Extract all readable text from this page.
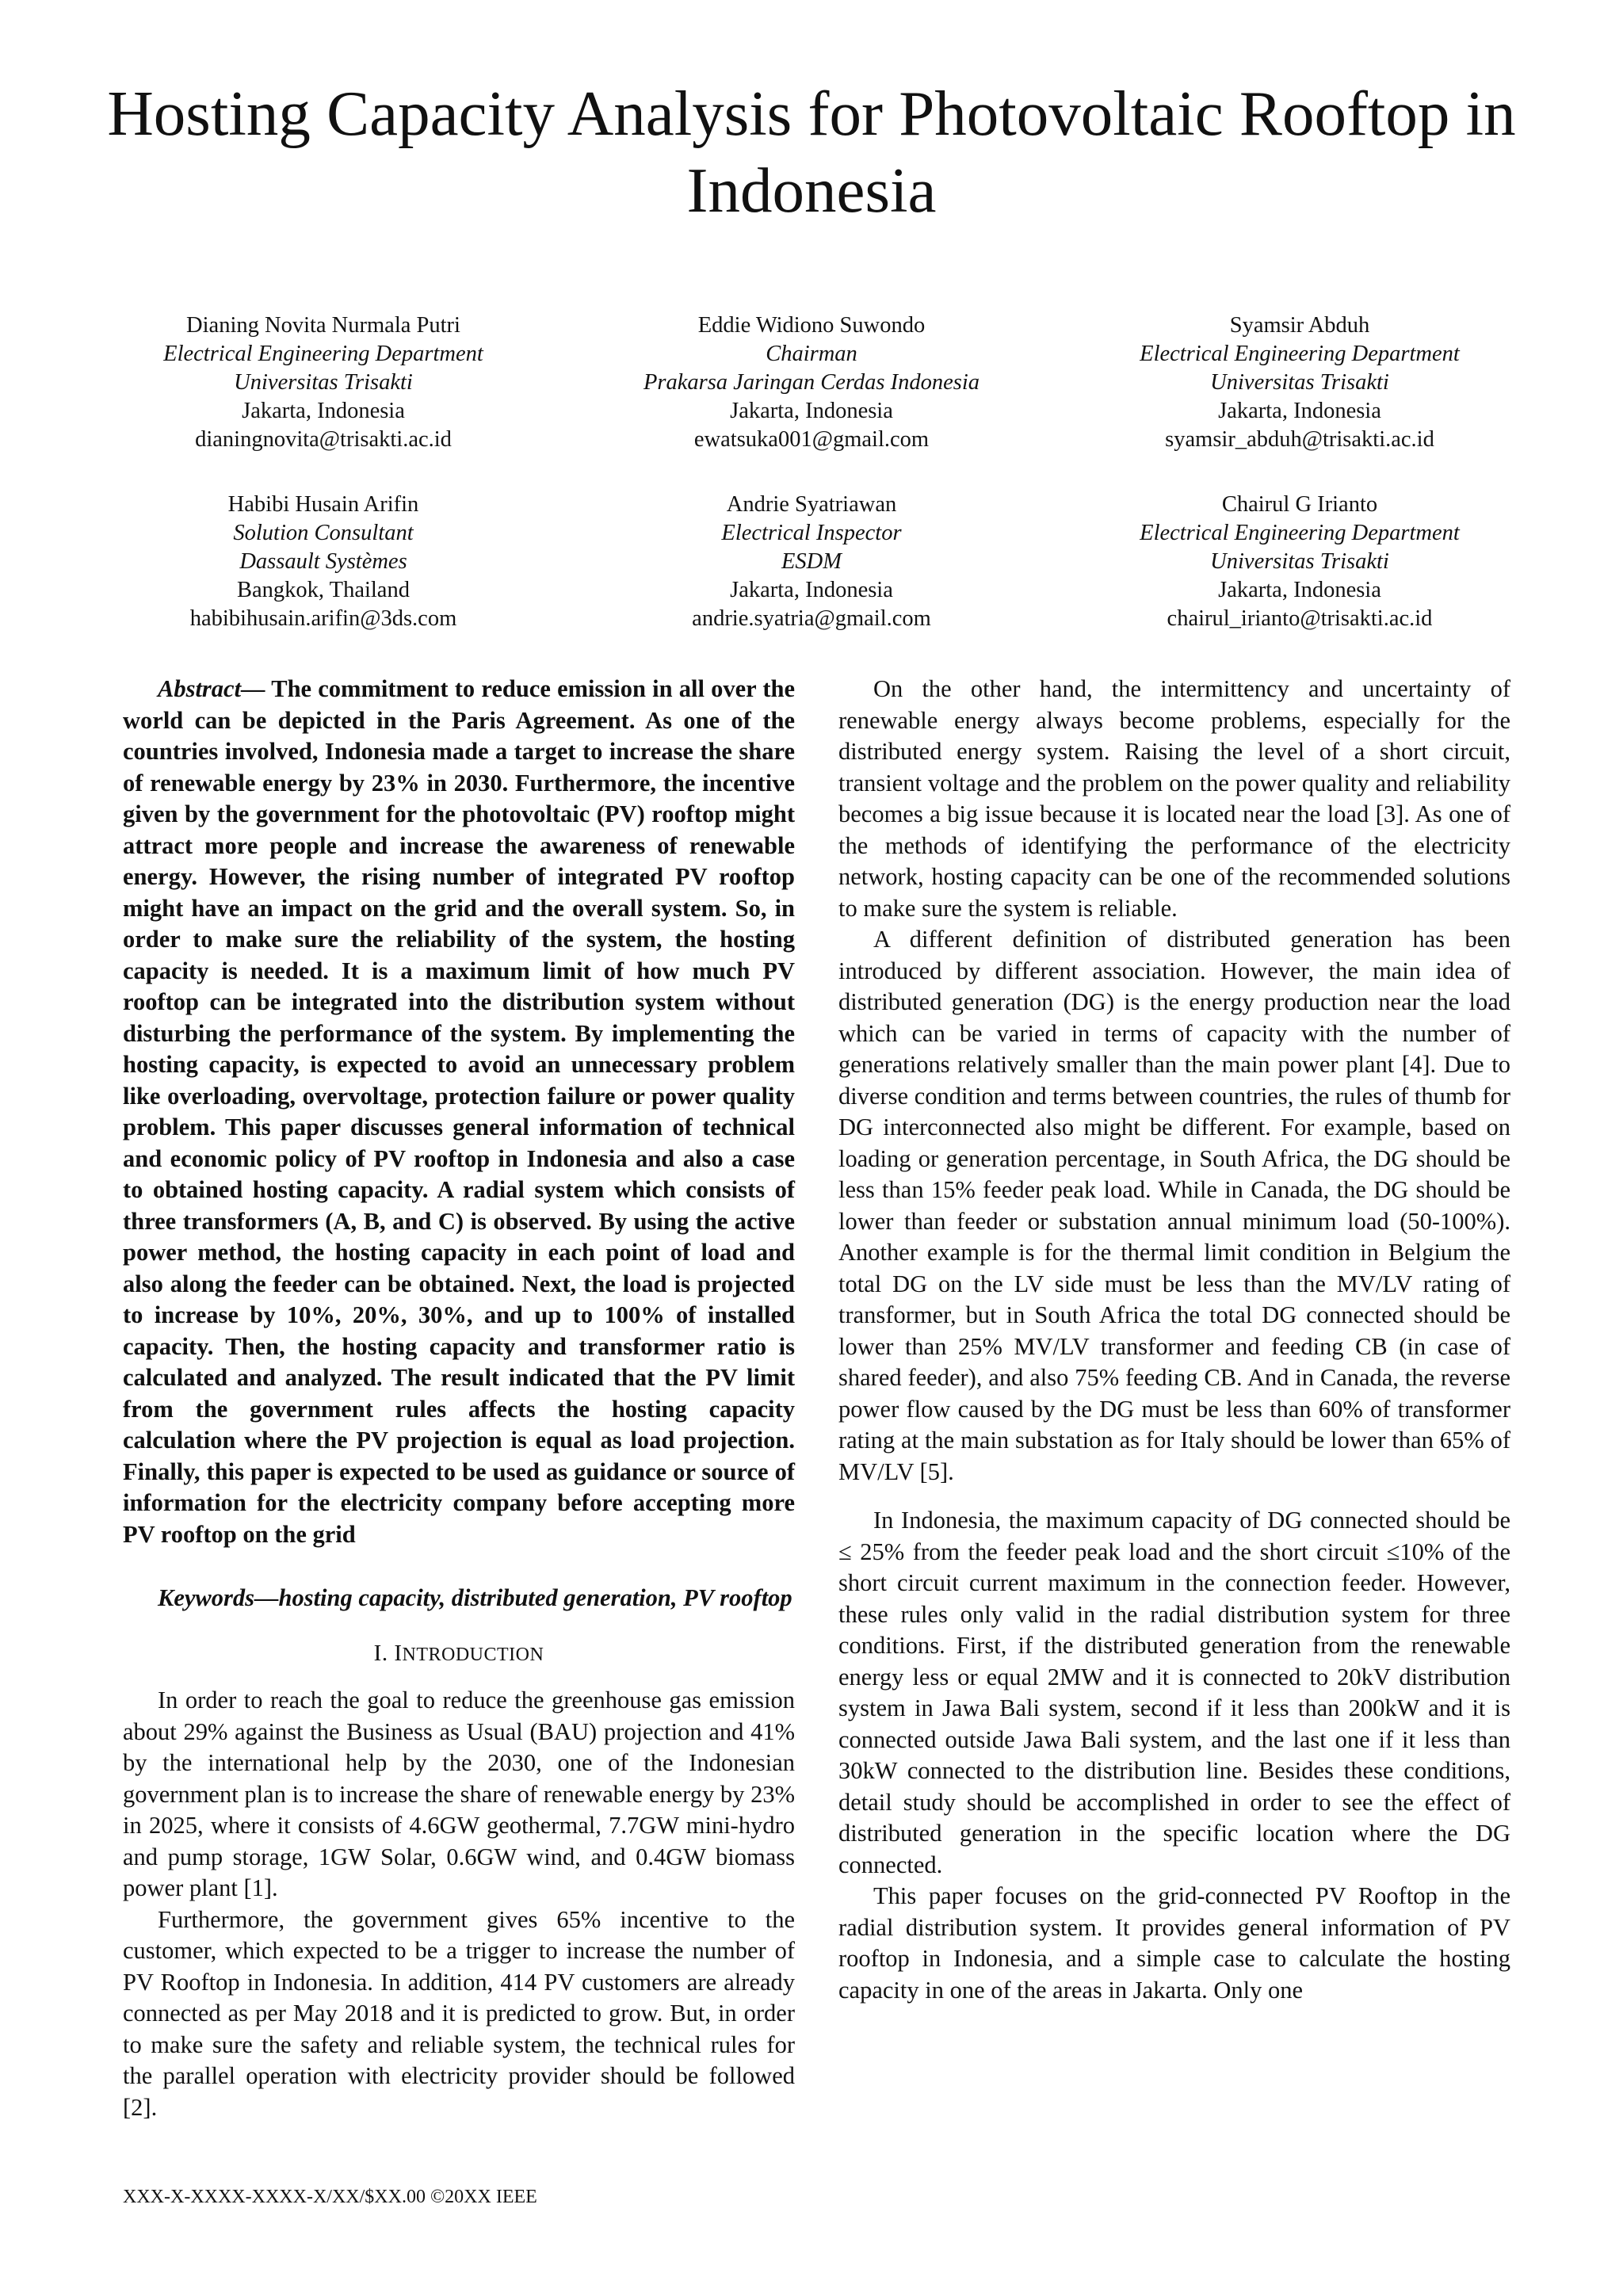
Hosting Capacity Analysis for Photovoltaic Rooftop in Indonesia
Dianing Novita Nurmala Putri
Electrical Engineering Department
Universitas Trisakti
Jakarta, Indonesia
dianingnovita@trisakti.ac.id
Eddie Widiono Suwondo
Chairman
Prakarsa Jaringan Cerdas Indonesia
Jakarta, Indonesia
ewatsuka001@gmail.com
Syamsir Abduh
Electrical Engineering Department
Universitas Trisakti
Jakarta, Indonesia
syamsir_abduh@trisakti.ac.id
Habibi Husain Arifin
Solution Consultant
Dassault Systèmes
Bangkok, Thailand
habibihusain.arifin@3ds.com
Andrie Syatriawan
Electrical Inspector
ESDM
Jakarta, Indonesia
andrie.syatria@gmail.com
Chairul G Irianto
Electrical Engineering Department
Universitas Trisakti
Jakarta, Indonesia
chairul_irianto@trisakti.ac.id

Abstract— The commitment to reduce emission in all over the world can be depicted in the Paris Agreement. As one of the countries involved, Indonesia made a target to increase the share of renewable energy by 23% in 2030. Furthermore, the incentive given by the government for the photovoltaic (PV) rooftop might attract more people and increase the awareness of renewable energy. However, the rising number of integrated PV rooftop might have an impact on the grid and the overall system. So, in order to make sure the reliability of the system, the hosting capacity is needed. It is a maximum limit of how much PV rooftop can be integrated into the distribution system without disturbing the performance of the system. By implementing the hosting capacity, is expected to avoid an unnecessary problem like overloading, overvoltage, protection failure or power quality problem. This paper discusses general information of technical and economic policy of PV rooftop in Indonesia and also a case to obtained hosting capacity. A radial system which consists of three transformers (A, B, and C) is observed. By using the active power method, the hosting capacity in each point of load and also along the feeder can be obtained. Next, the load is projected to increase by 10%, 20%, 30%, and up to 100% of installed capacity. Then, the hosting capacity and transformer ratio is calculated and analyzed. The result indicated that the PV limit from the government rules affects the hosting capacity calculation where the PV projection is equal as load projection. Finally, this paper is expected to be used as guidance or source of information for the electricity company before accepting more PV rooftop on the grid

Keywords—hosting capacity, distributed generation, PV rooftop

I. INTRODUCTION

In order to reach the goal to reduce the greenhouse gas emission about 29% against the Business as Usual (BAU) projection and 41% by the international help by the 2030, one of the Indonesian government plan is to increase the share of renewable energy by 23% in 2025, where it consists of 4.6GW geothermal, 7.7GW mini-hydro and pump storage, 1GW Solar, 0.6GW wind, and 0.4GW biomass power plant [1].

Furthermore, the government gives 65% incentive to the customer, which expected to be a trigger to increase the number of PV Rooftop in Indonesia. In addition, 414 PV customers are already connected as per May 2018 and it is predicted to grow. But, in order to make sure the safety and reliable system, the technical rules for the parallel operation with electricity provider should be followed [2].

On the other hand, the intermittency and uncertainty of renewable energy always become problems, especially for the distributed energy system. Raising the level of a short circuit, transient voltage and the problem on the power quality and reliability becomes a big issue because it is located near the load [3]. As one of the methods of identifying the performance of the electricity network, hosting capacity can be one of the recommended solutions to make sure the system is reliable.

A different definition of distributed generation has been introduced by different association. However, the main idea of distributed generation (DG) is the energy production near the load which can be varied in terms of capacity with the number of generations relatively smaller than the main power plant [4]. Due to diverse condition and terms between countries, the rules of thumb for DG interconnected also might be different. For example, based on loading or generation percentage, in South Africa, the DG should be less than 15% feeder peak load. While in Canada, the DG should be lower than feeder or substation annual minimum load (50-100%). Another example is for the thermal limit condition in Belgium the total DG on the LV side must be less than the MV/LV rating of transformer, but in South Africa the total DG connected should be lower than 25% MV/LV transformer and feeding CB (in case of shared feeder), and also 75% feeding CB. And in Canada, the reverse power flow caused by the DG must be less than 60% of transformer rating at the main substation as for Italy should be lower than 65% of MV/LV [5].

In Indonesia, the maximum capacity of DG connected should be ≤ 25% from the feeder peak load and the short circuit ≤10% of the short circuit current maximum in the connection feeder. However, these rules only valid in the radial distribution system for three conditions. First, if the distributed generation from the renewable energy less or equal 2MW and it is connected to 20kV distribution system in Jawa Bali system, second if it less than 200kW and it is connected outside Jawa Bali system, and the last one if it less than 30kW connected to the distribution line. Besides these conditions, detail study should be accomplished in order to see the effect of distributed generation in the specific location where the DG connected.

This paper focuses on the grid-connected PV Rooftop in the radial distribution system. It provides general information of PV rooftop in Indonesia, and a simple case to calculate the hosting capacity in one of the areas in Jakarta. Only one

XXX-X-XXXX-XXXX-X/XX/$XX.00 ©20XX IEEE
